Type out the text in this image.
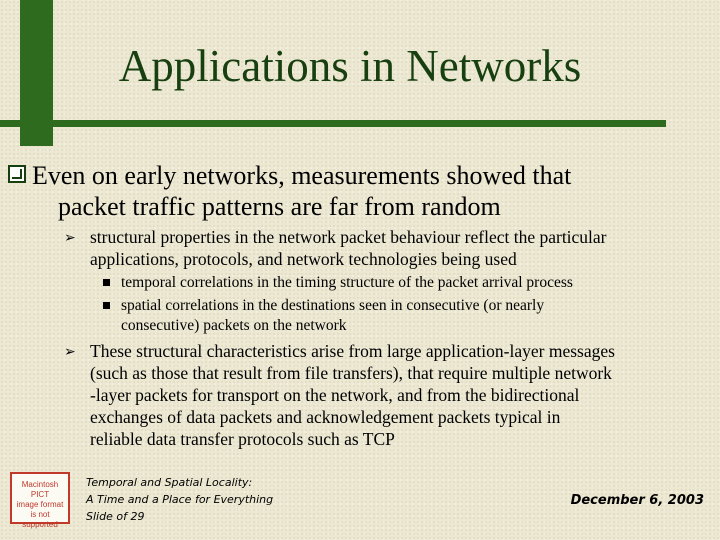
Applications in Networks
Even on early networks, measurements showed that
packet traffic patterns are far from random
➢ structural properties in the network packet behaviour reflect the particular
applications, protocols, and network technologies being used
temporal correlations in the timing structure of the packet arrival process
spatial correlations in the destinations seen in consecutive (or nearly
consecutive) packets on the network
➢ These structural characteristics arise from large application-layer messages
(such as those that result from file transfers), that require multiple network
-layer packets for transport on the network, and from the bidirectional
exchanges of data packets and acknowledgement packets typical in
reliable data transfer protocols such as TCP
Macintosh PICT
image format
is not supported
Temporal and Spatial Locality:
A Time and a Place for Everything
Slide of 29
December 6, 2003
